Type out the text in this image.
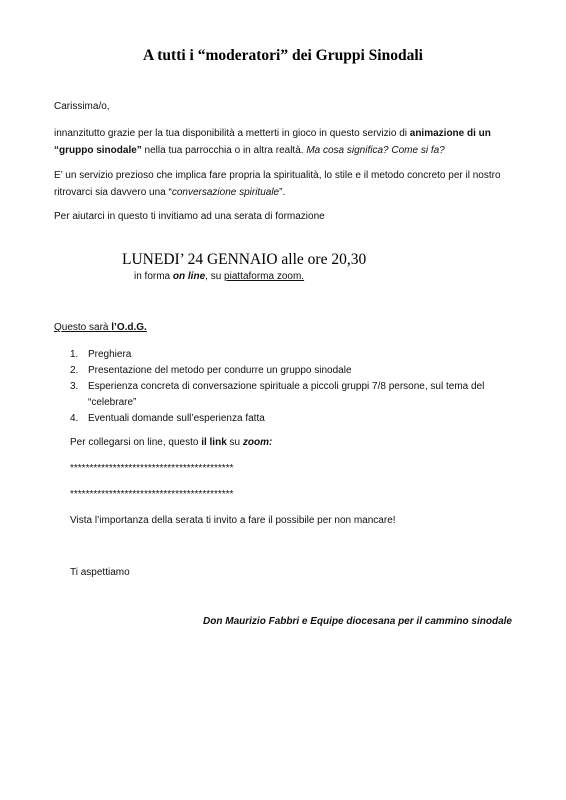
A tutti i “moderatori” dei Gruppi Sinodali

Carissima/o,

innanzitutto grazie per la tua disponibilità a metterti in gioco in questo servizio di animazione di un “gruppo sinodale” nella tua parrocchia o in altra realtà. Ma cosa significa? Come si fa?

E’ un servizio prezioso che implica fare propria la spiritualità, lo stile e il metodo concreto per il nostro ritrovarci sia davvero una “conversazione spirituale”.

Per aiutarci in questo ti invitiamo ad una serata di formazione

LUNEDI’ 24 GENNAIO alle ore 20,30
in forma on line, su piattaforma zoom.
Questo sarà l’O.d.G.
1. Preghiera
2. Presentazione del metodo per condurre un gruppo sinodale
3. Esperienza concreta di conversazione spirituale a piccoli gruppi 7/8 persone, sul tema del “celebrare”
4. Eventuali domande sull’esperienza fatta
Per collegarsi on line, questo il link su zoom:
******************************************
******************************************
Vista l’importanza della serata ti invito a fare il possibile per non mancare!
Ti aspettiamo
Don Maurizio Fabbri e Equipe diocesana per il cammino sinodale
